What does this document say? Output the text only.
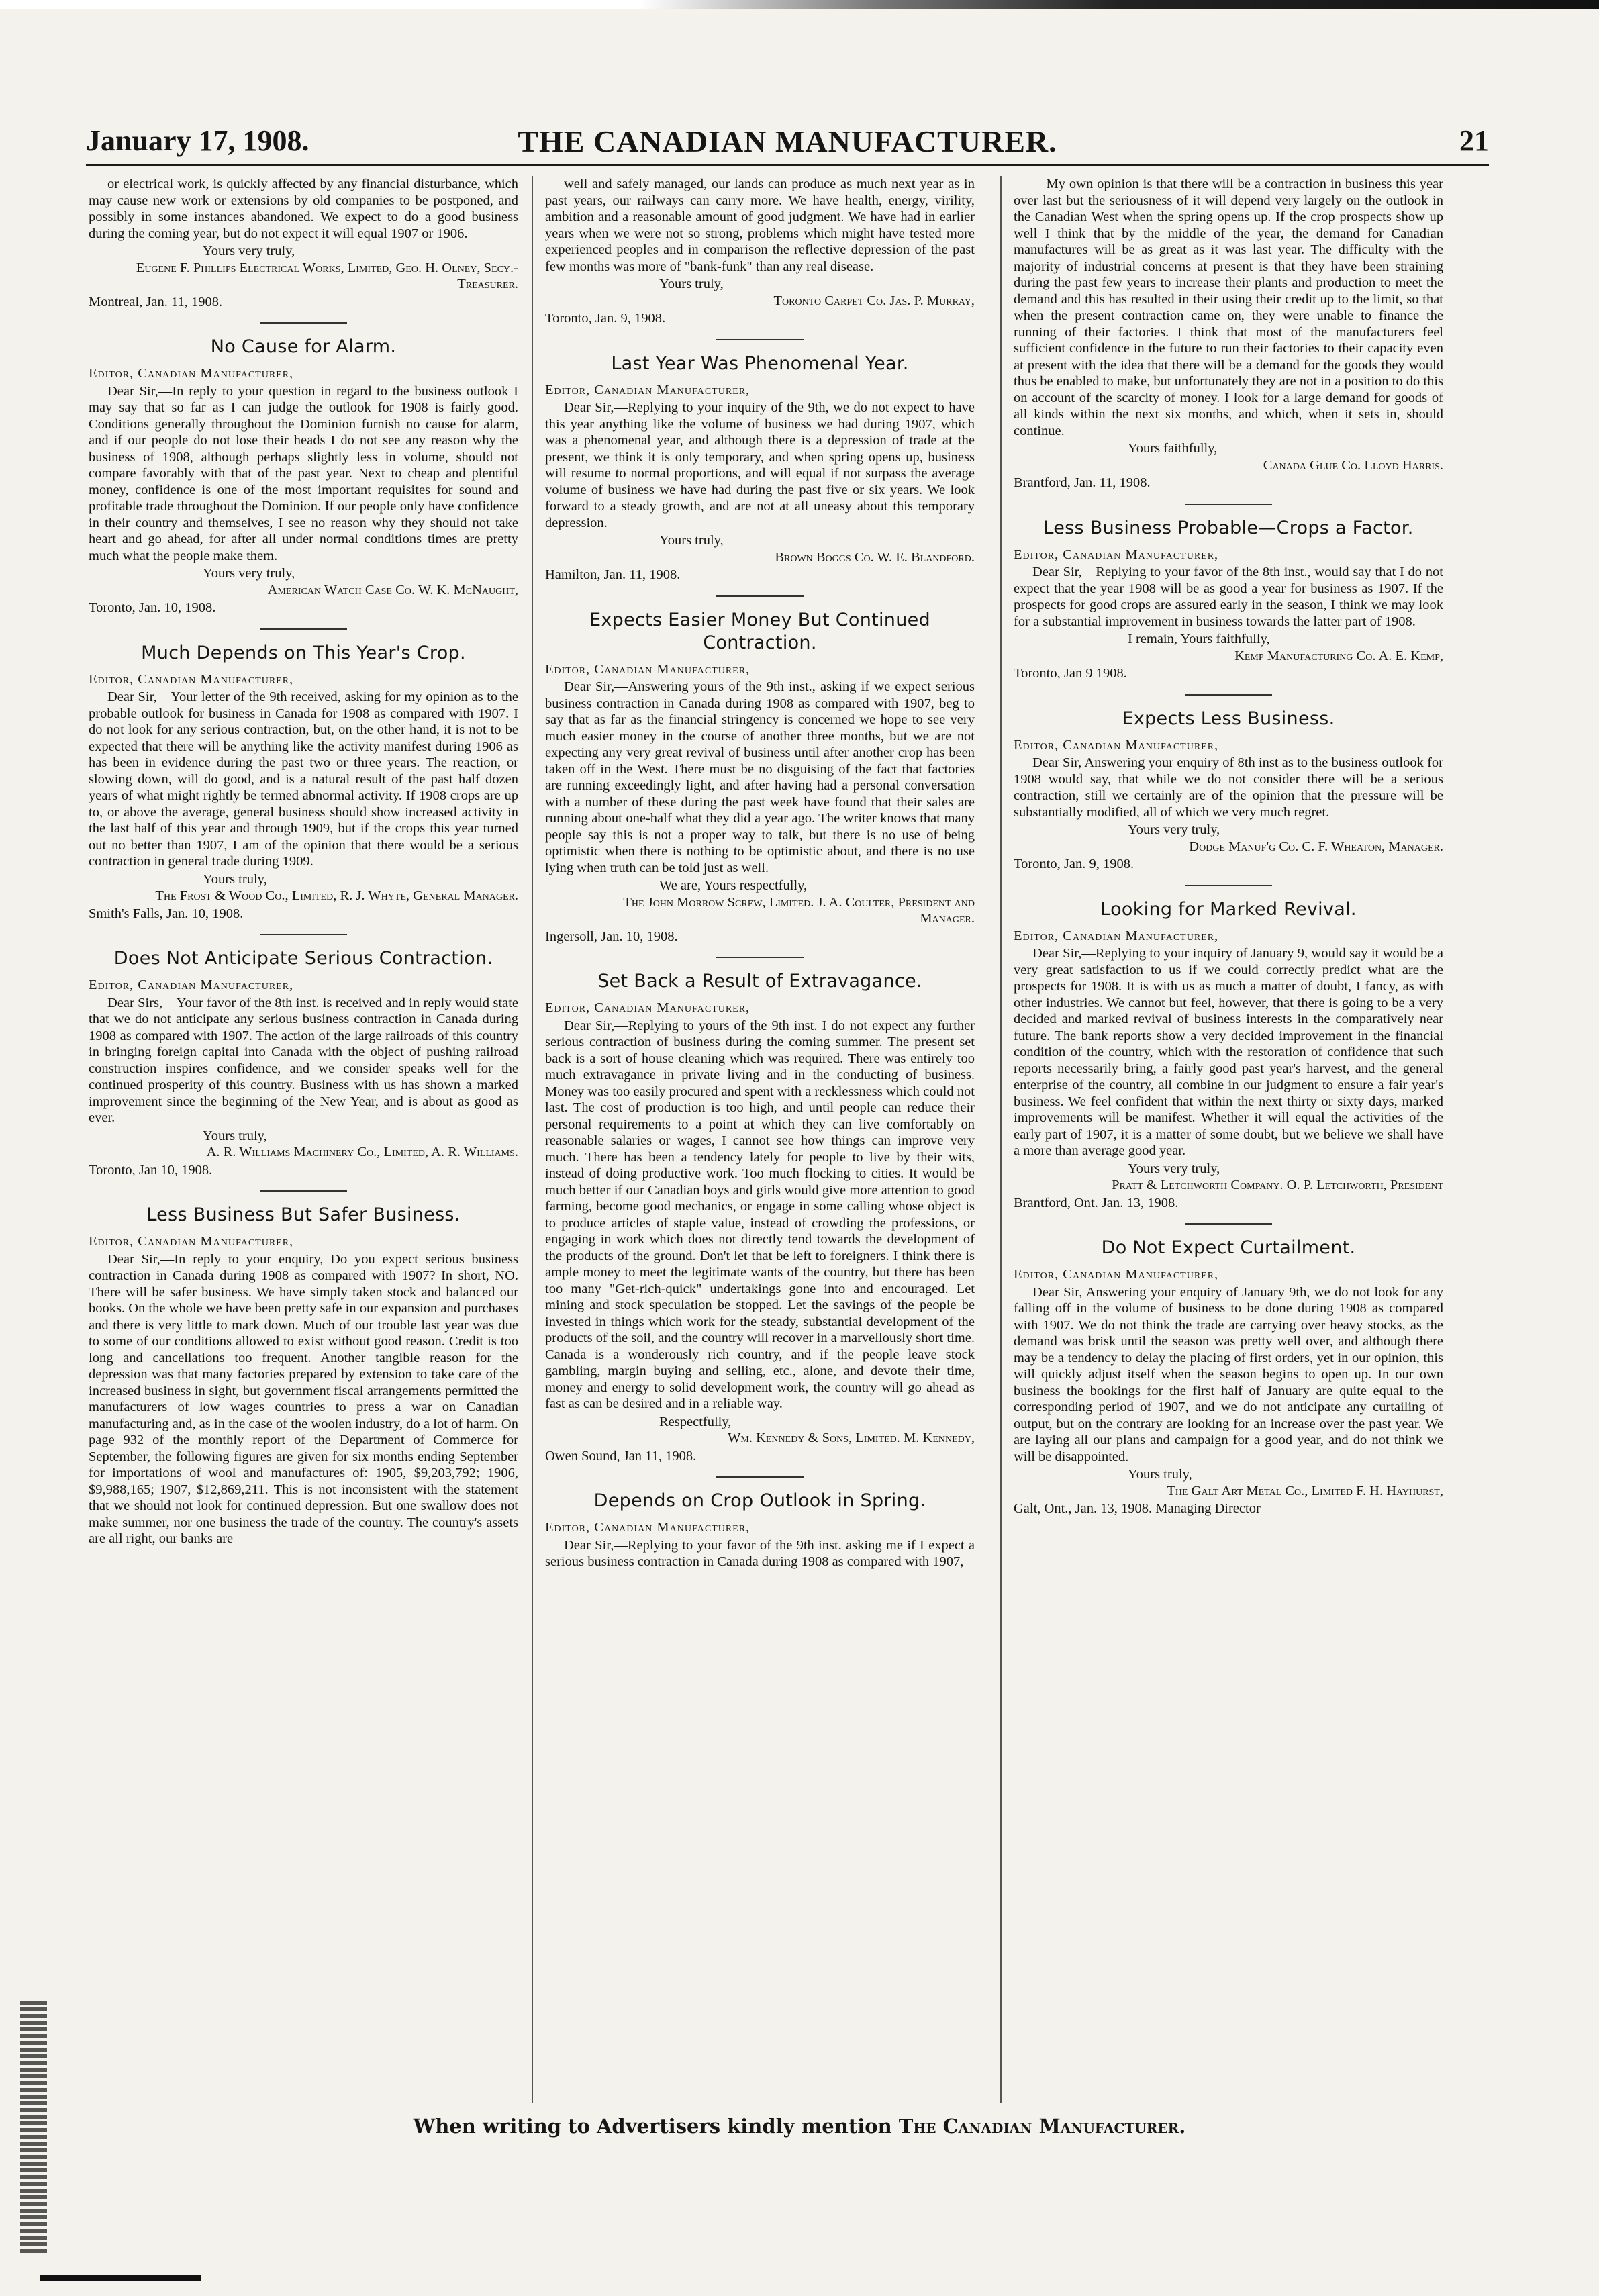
January 17, 1908.	THE CANADIAN MANUFACTURER.	21

or electrical work, is quickly affected by any financial disturbance, which may cause new work or extensions by old companies to be postponed, and possibly in some instances abandoned. We expect to do a good business during the coming year, but do not expect it will equal 1907 or 1906.

Yours very truly,

Eugene F. Phillips Electrical Works, Limited, Geo. H. Olney, Secy.-Treasurer.

Montreal, Jan. 11, 1908.

No Cause for Alarm.

Editor, Canadian Manufacturer,

Dear Sir,—In reply to your question in regard to the business outlook I may say that so far as I can judge the outlook for 1908 is fairly good. Conditions generally throughout the Dominion furnish no cause for alarm, and if our people do not lose their heads I do not see any reason why the business of 1908, although perhaps slightly less in volume, should not compare favorably with that of the past year. Next to cheap and plentiful money, confidence is one of the most important requisites for sound and profitable trade throughout the Dominion. If our people only have confidence in their country and themselves, I see no reason why they should not take heart and go ahead, for after all under normal conditions times are pretty much what the people make them.

Yours very truly,

American Watch Case Co. W. K. McNaught,

Toronto, Jan. 10, 1908.

Much Depends on This Year's Crop.

Editor, Canadian Manufacturer,

Dear Sir,—Your letter of the 9th received, asking for my opinion as to the probable outlook for business in Canada for 1908 as compared with 1907. I do not look for any serious contraction, but, on the other hand, it is not to be expected that there will be anything like the activity manifest during 1906 as has been in evidence during the past two or three years. The reaction, or slowing down, will do good, and is a natural result of the past half dozen years of what might rightly be termed abnormal activity. If 1908 crops are up to, or above the average, general business should show increased activity in the last half of this year and through 1909, but if the crops this year turned out no better than 1907, I am of the opinion that there would be a serious contraction in general trade during 1909.

Yours truly,

The Frost & Wood Co., Limited, R. J. Whyte, General Manager.

Smith's Falls, Jan. 10, 1908.

Does Not Anticipate Serious Contraction.

Editor, Canadian Manufacturer,

Dear Sirs,—Your favor of the 8th inst. is received and in reply would state that we do not anticipate any serious business contraction in Canada during 1908 as compared with 1907. The action of the large railroads of this country in bringing foreign capital into Canada with the object of pushing railroad construction inspires confidence, and we consider speaks well for the continued prosperity of this country. Business with us has shown a marked improvement since the beginning of the New Year, and is about as good as ever.

Yours truly,

A. R. Williams Machinery Co., Limited, A. R. Williams.

Toronto, Jan 10, 1908.

Less Business But Safer Business.

Editor, Canadian Manufacturer,

Dear Sir,—In reply to your enquiry, Do you expect serious business contraction in Canada during 1908 as compared with 1907? In short, NO. There will be safer business. We have simply taken stock and balanced our books. On the whole we have been pretty safe in our expansion and purchases and there is very little to mark down. Much of our trouble last year was due to some of our conditions allowed to exist without good reason. Credit is too long and cancellations too frequent. Another tangible reason for the depression was that many factories prepared by extension to take care of the increased business in sight, but government fiscal arrangements permitted the manufacturers of low wages countries to press a war on Canadian manufacturing and, as in the case of the woolen industry, do a lot of harm. On page 932 of the monthly report of the Department of Commerce for September, the following figures are given for six months ending September for importations of wool and manufactures of: 1905, $9,203,792; 1906, $9,988,165; 1907, $12,869,211. This is not inconsistent with the statement that we should not look for continued depression. But one swallow does not make summer, nor one business the trade of the country. The country's assets are all right, our banks are

well and safely managed, our lands can produce as much next year as in past years, our railways can carry more. We have health, energy, virility, ambition and a reasonable amount of good judgment. We have had in earlier years when we were not so strong, problems which might have tested more experienced peoples and in comparison the reflective depression of the past few months was more of "bank-funk" than any real disease.

Yours truly,

Toronto Carpet Co. Jas. P. Murray,

Toronto, Jan. 9, 1908.

Last Year Was Phenomenal Year.

Editor, Canadian Manufacturer,

Dear Sir,—Replying to your inquiry of the 9th, we do not expect to have this year anything like the volume of business we had during 1907, which was a phenomenal year, and although there is a depression of trade at the present, we think it is only temporary, and when spring opens up, business will resume to normal proportions, and will equal if not surpass the average volume of business we have had during the past five or six years. We look forward to a steady growth, and are not at all uneasy about this temporary depression.

Yours truly,

Brown Boggs Co. W. E. Blandford.

Hamilton, Jan. 11, 1908.

Expects Easier Money But Continued Contraction.

Editor, Canadian Manufacturer,

Dear Sir,—Answering yours of the 9th inst., asking if we expect serious business contraction in Canada during 1908 as compared with 1907, beg to say that as far as the financial stringency is concerned we hope to see very much easier money in the course of another three months, but we are not expecting any very great revival of business until after another crop has been taken off in the West. There must be no disguising of the fact that factories are running exceedingly light, and after having had a personal conversation with a number of these during the past week have found that their sales are running about one-half what they did a year ago. The writer knows that many people say this is not a proper way to talk, but there is no use of being optimistic when there is nothing to be optimistic about, and there is no use lying when truth can be told just as well.

We are, Yours respectfully,

The John Morrow Screw, Limited. J. A. Coulter, President and Manager.

Ingersoll, Jan. 10, 1908.

Set Back a Result of Extravagance.

Editor, Canadian Manufacturer,

Dear Sir,—Replying to yours of the 9th inst. I do not expect any further serious contraction of business during the coming summer. The present set back is a sort of house cleaning which was required. There was entirely too much extravagance in private living and in the conducting of business. Money was too easily procured and spent with a recklessness which could not last. The cost of production is too high, and until people can reduce their personal requirements to a point at which they can live comfortably on reasonable salaries or wages, I cannot see how things can improve very much. There has been a tendency lately for people to live by their wits, instead of doing productive work. Too much flocking to cities. It would be much better if our Canadian boys and girls would give more attention to good farming, become good mechanics, or engage in some calling whose object is to produce articles of staple value, instead of crowding the professions, or engaging in work which does not directly tend towards the development of the products of the ground. Don't let that be left to foreigners. I think there is ample money to meet the legitimate wants of the country, but there has been too many "Get-rich-quick" undertakings gone into and encouraged. Let mining and stock speculation be stopped. Let the savings of the people be invested in things which work for the steady, substantial development of the products of the soil, and the country will recover in a marvellously short time. Canada is a wonderously rich country, and if the people leave stock gambling, margin buying and selling, etc., alone, and devote their time, money and energy to solid development work, the country will go ahead as fast as can be desired and in a reliable way.

Respectfully,

Wm. Kennedy & Sons, Limited. M. Kennedy,

Owen Sound, Jan 11, 1908.

Depends on Crop Outlook in Spring.

Editor, Canadian Manufacturer,

Dear Sir,—Replying to your favor of the 9th inst. asking me if I expect a serious business contraction in Canada during 1908 as compared with 1907,

—My own opinion is that there will be a contraction in business this year over last but the seriousness of it will depend very largely on the outlook in the Canadian West when the spring opens up. If the crop prospects show up well I think that by the middle of the year, the demand for Canadian manufactures will be as great as it was last year. The difficulty with the majority of industrial concerns at present is that they have been straining during the past few years to increase their plants and production to meet the demand and this has resulted in their using their credit up to the limit, so that when the present contraction came on, they were unable to finance the running of their factories. I think that most of the manufacturers feel sufficient confidence in the future to run their factories to their capacity even at present with the idea that there will be a demand for the goods they would thus be enabled to make, but unfortunately they are not in a position to do this on account of the scarcity of money. I look for a large demand for goods of all kinds within the next six months, and which, when it sets in, should continue.

Yours faithfully,

Canada Glue Co. Lloyd Harris.

Brantford, Jan. 11, 1908.

Less Business Probable—Crops a Factor.

Editor, Canadian Manufacturer,

Dear Sir,—Replying to your favor of the 8th inst., would say that I do not expect that the year 1908 will be as good a year for business as 1907. If the prospects for good crops are assured early in the season, I think we may look for a substantial improvement in business towards the latter part of 1908.

I remain, Yours faithfully,

Kemp Manufacturing Co. A. E. Kemp,

Toronto, Jan 9 1908.

Expects Less Business.

Editor, Canadian Manufacturer,

Dear Sir, Answering your enquiry of 8th inst as to the business outlook for 1908 would say, that while we do not consider there will be a serious contraction, still we certainly are of the opinion that the pressure will be substantially modified, all of which we very much regret.

Yours very truly,

Dodge Manuf'g Co. C. F. Wheaton, Manager.

Toronto, Jan. 9, 1908.

Looking for Marked Revival.

Editor, Canadian Manufacturer,

Dear Sir,—Replying to your inquiry of January 9, would say it would be a very great satisfaction to us if we could correctly predict what are the prospects for 1908. It is with us as much a matter of doubt, I fancy, as with other industries. We cannot but feel, however, that there is going to be a very decided and marked revival of business interests in the comparatively near future. The bank reports show a very decided improvement in the financial condition of the country, which with the restoration of confidence that such reports necessarily bring, a fairly good past year's harvest, and the general enterprise of the country, all combine in our judgment to ensure a fair year's business. We feel confident that within the next thirty or sixty days, marked improvements will be manifest. Whether it will equal the activities of the early part of 1907, it is a matter of some doubt, but we believe we shall have a more than average good year.

Yours very truly,

Pratt & Letchworth Company. O. P. Letchworth, President

Brantford, Ont. Jan. 13, 1908.

Do Not Expect Curtailment.

Editor, Canadian Manufacturer,

Dear Sir, Answering your enquiry of January 9th, we do not look for any falling off in the volume of business to be done during 1908 as compared with 1907. We do not think the trade are carrying over heavy stocks, as the demand was brisk until the season was pretty well over, and although there may be a tendency to delay the placing of first orders, yet in our opinion, this will quickly adjust itself when the season begins to open up. In our own business the bookings for the first half of January are quite equal to the corresponding period of 1907, and we do not anticipate any curtailing of output, but on the contrary are looking for an increase over the past year. We are laying all our plans and campaign for a good year, and do not think we will be disappointed.

Yours truly,

The Galt Art Metal Co., Limited F. H. Hayhurst,

Galt, Ont., Jan. 13, 1908. Managing Director

When writing to Advertisers kindly mention The Canadian Manufacturer.
